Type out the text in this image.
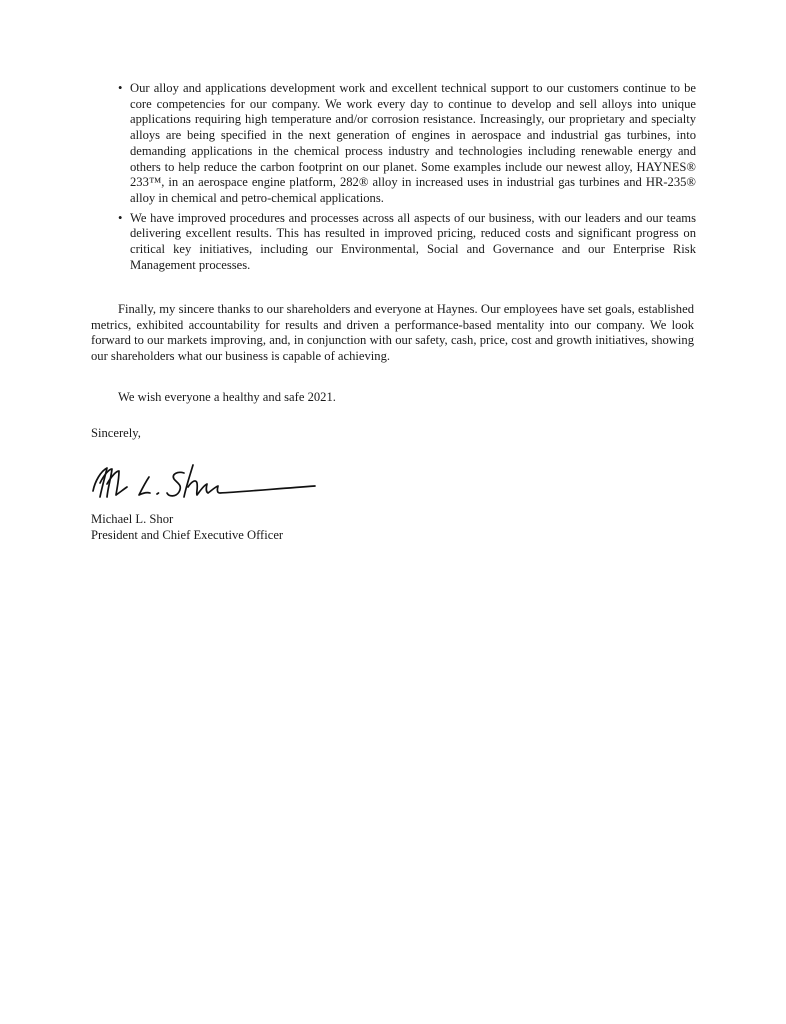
• Our alloy and applications development work and excellent technical support to our customers continue to be core competencies for our company. We work every day to continue to develop and sell alloys into unique applications requiring high temperature and/or corrosion resistance. Increasingly, our proprietary and specialty alloys are being specified in the next generation of engines in aerospace and industrial gas turbines, into demanding applications in the chemical process industry and technologies including renewable energy and others to help reduce the carbon footprint on our planet. Some examples include our newest alloy, HAYNES® 233™, in an aerospace engine platform, 282® alloy in increased uses in industrial gas turbines and HR-235® alloy in chemical and petro-chemical applications.
• We have improved procedures and processes across all aspects of our business, with our leaders and our teams delivering excellent results. This has resulted in improved pricing, reduced costs and significant progress on critical key initiatives, including our Environmental, Social and Governance and our Enterprise Risk Management processes.

Finally, my sincere thanks to our shareholders and everyone at Haynes. Our employees have set goals, established metrics, exhibited accountability for results and driven a performance-based mentality into our company. We look forward to our markets improving, and, in conjunction with our safety, cash, price, cost and growth initiatives, showing our shareholders what our business is capable of achieving.

We wish everyone a healthy and safe 2021.

Sincerely,

Michael L. Shor
President and Chief Executive Officer
